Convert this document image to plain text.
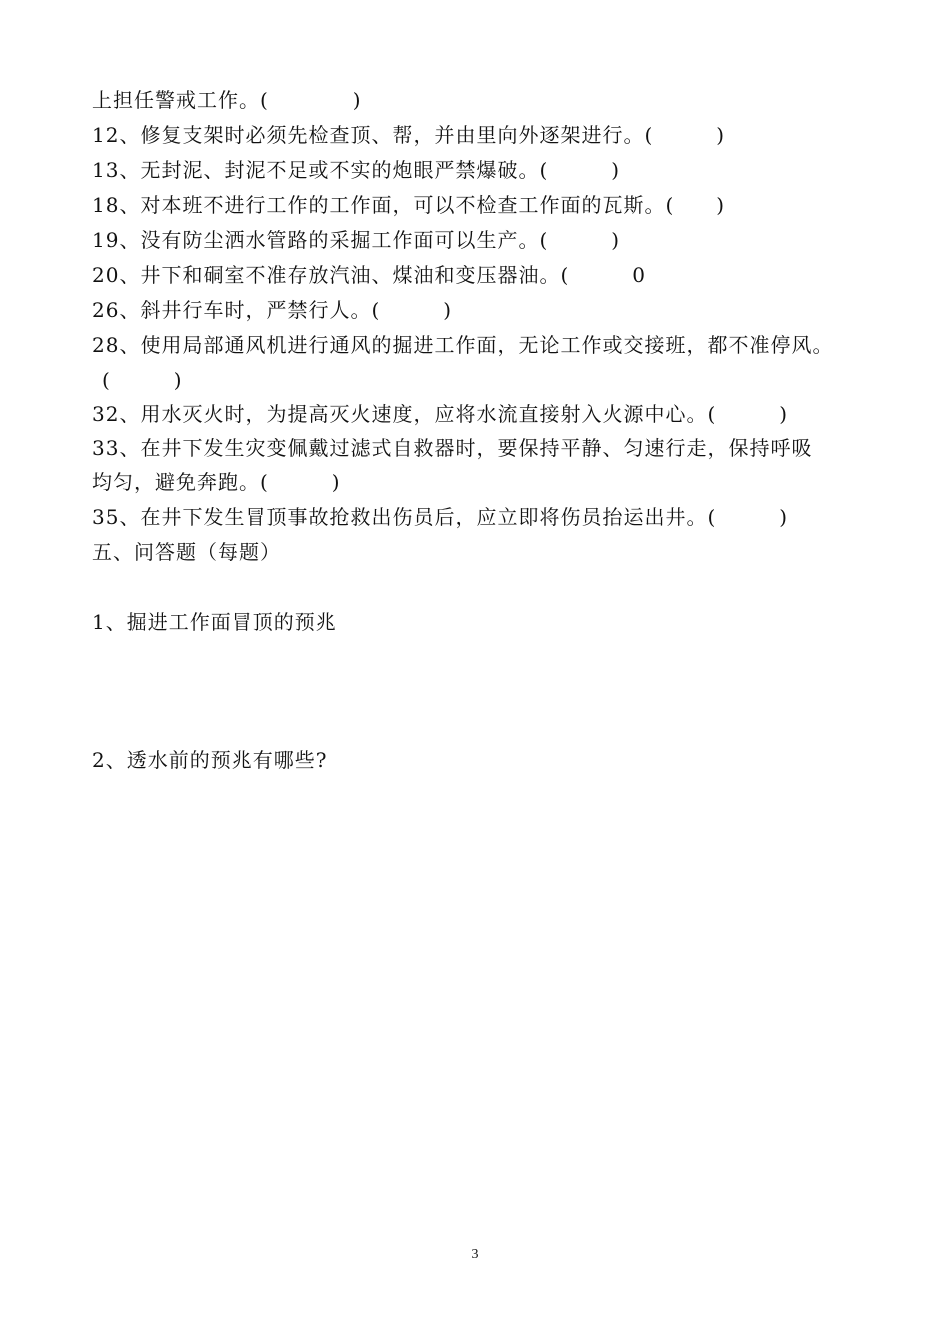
上担任警戒工作。(　　　　)
12、修复支架时必须先检查顶、帮，并由里向外逐架进行。(　　　)
13、无封泥、封泥不足或不实的炮眼严禁爆破。(　　　)
18、对本班不进行工作的工作面，可以不检查工作面的瓦斯。(　　)
19、没有防尘洒水管路的采掘工作面可以生产。(　　　)
20、井下和硐室不准存放汽油、煤油和变压器油。(　　　0
26、斜井行车时，严禁行人。(　　　)
28、使用局部通风机进行通风的掘进工作面，无论工作或交接班，都不准停风。
(　　　)
32、用水灭火时，为提高灭火速度，应将水流直接射入火源中心。(　　　)
33、在井下发生灾变佩戴过滤式自救器时，要保持平静、匀速行走，保持呼吸
均匀，避免奔跑。(　　　)
35、在井下发生冒顶事故抢救出伤员后，应立即将伤员抬运出井。(　　　)
五、问答题（每题）
1、掘进工作面冒顶的预兆
2、透水前的预兆有哪些?
3
